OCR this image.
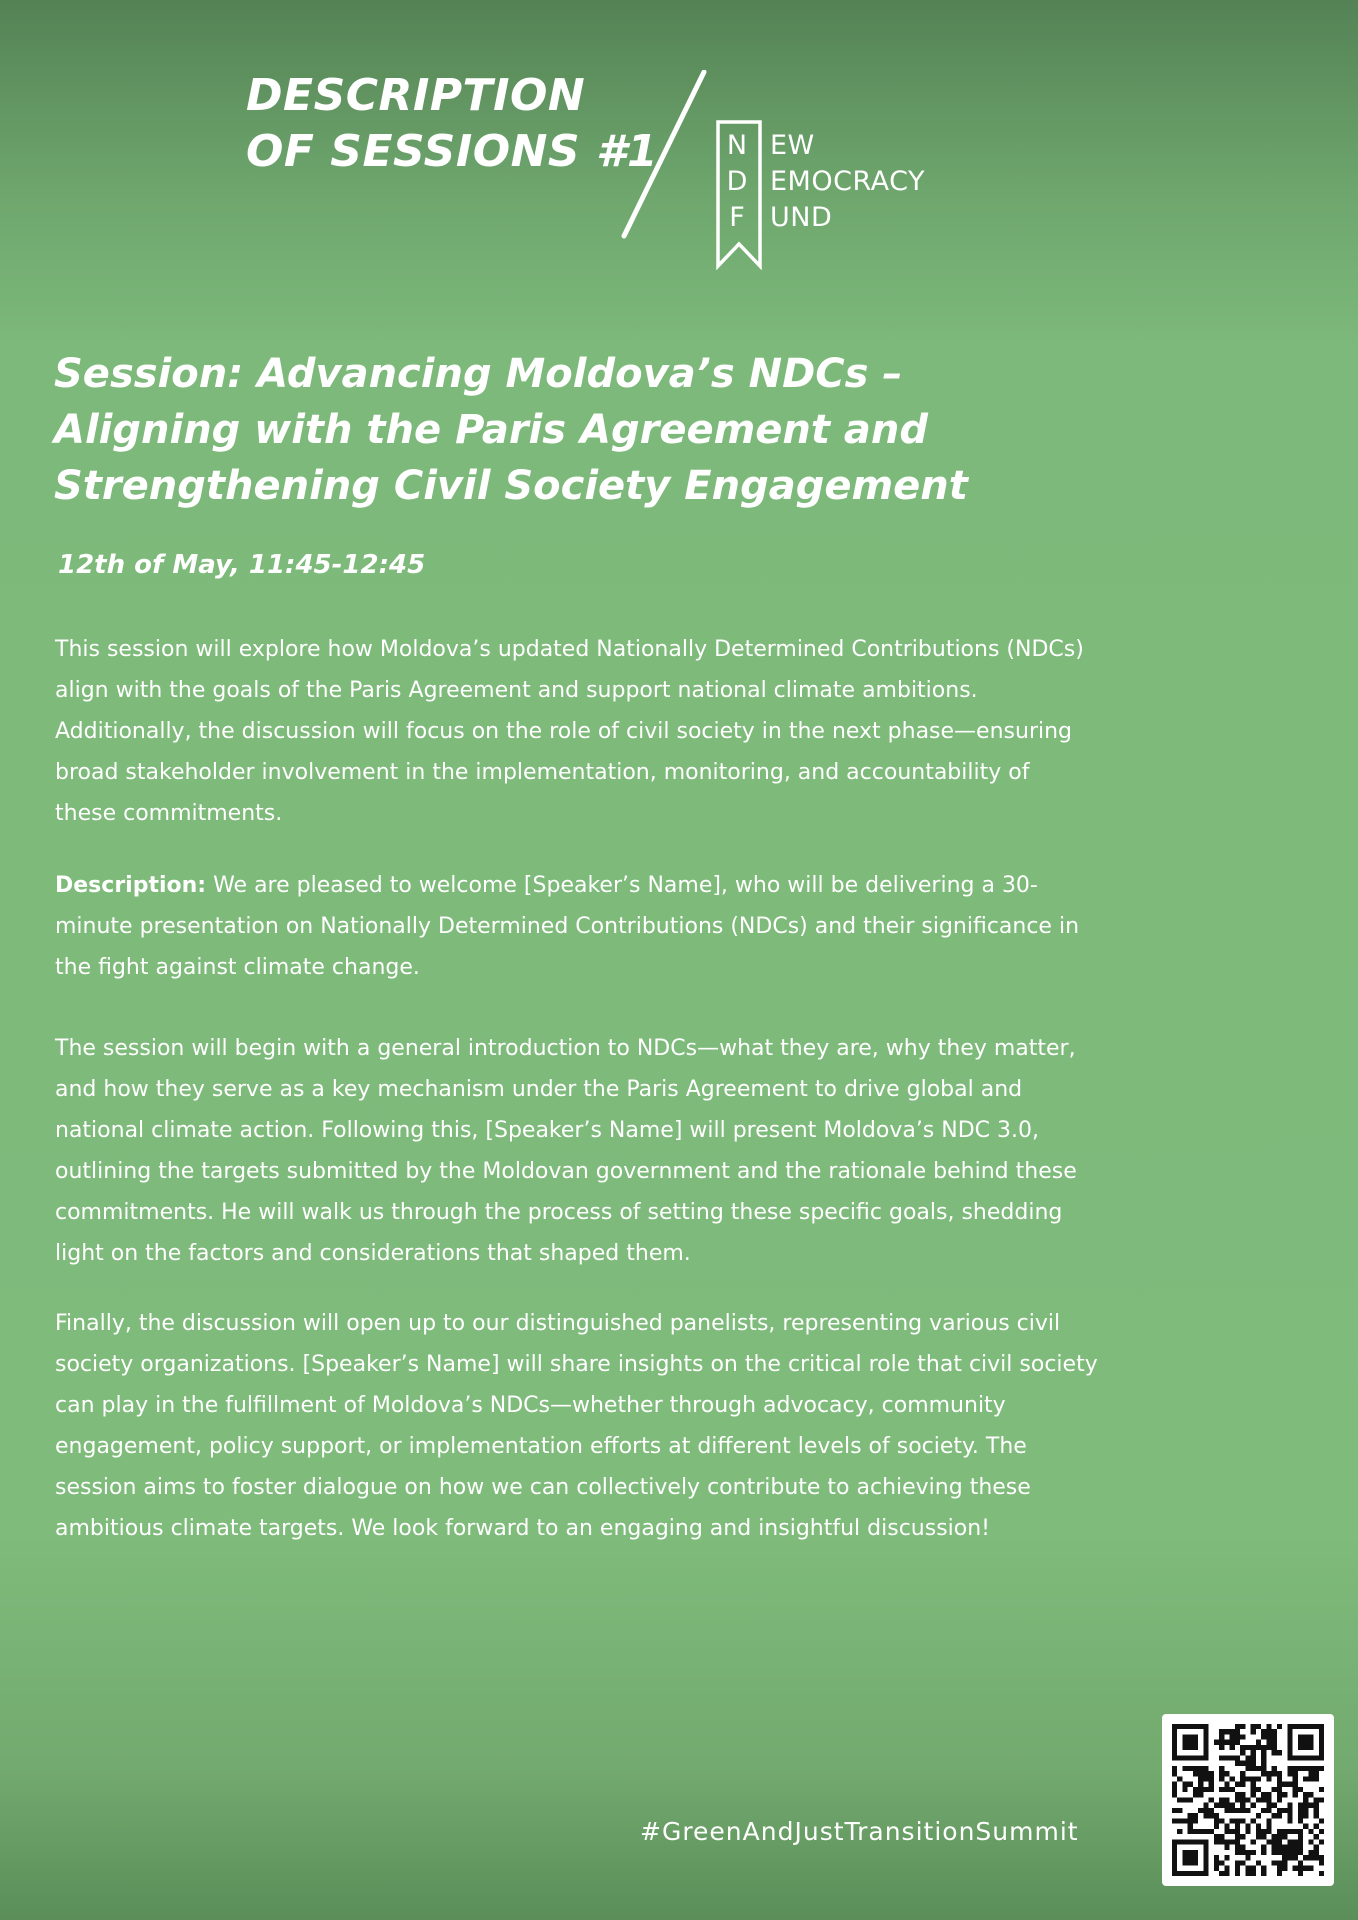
DESCRIPTION
OF SESSIONS #1	N
D
F
EW
EMOCRACY
UND
Session: Advancing Moldova’s NDCs –
Aligning with the Paris Agreement and
Strengthening Civil Society Engagement
12th of May, 11:45-12:45
This session will explore how Moldova’s updated Nationally Determined Contributions (NDCs)
align with the goals of the Paris Agreement and support national climate ambitions.
Additionally, the discussion will focus on the role of civil society in the next phase—ensuring
broad stakeholder involvement in the implementation, monitoring, and accountability of
these commitments.
Description: We are pleased to welcome [Speaker’s Name], who will be delivering a 30-
minute presentation on Nationally Determined Contributions (NDCs) and their significance in
the fight against climate change.
The session will begin with a general introduction to NDCs—what they are, why they matter,
and how they serve as a key mechanism under the Paris Agreement to drive global and
national climate action. Following this, [Speaker’s Name] will present Moldova’s NDC 3.0,
outlining the targets submitted by the Moldovan government and the rationale behind these
commitments. He will walk us through the process of setting these specific goals, shedding
light on the factors and considerations that shaped them.
Finally, the discussion will open up to our distinguished panelists, representing various civil
society organizations. [Speaker’s Name] will share insights on the critical role that civil society
can play in the fulfillment of Moldova’s NDCs—whether through advocacy, community
engagement, policy support, or implementation efforts at different levels of society. The
session aims to foster dialogue on how we can collectively contribute to achieving these
ambitious climate targets. We look forward to an engaging and insightful discussion!
#GreenAndJustTransitionSummit
